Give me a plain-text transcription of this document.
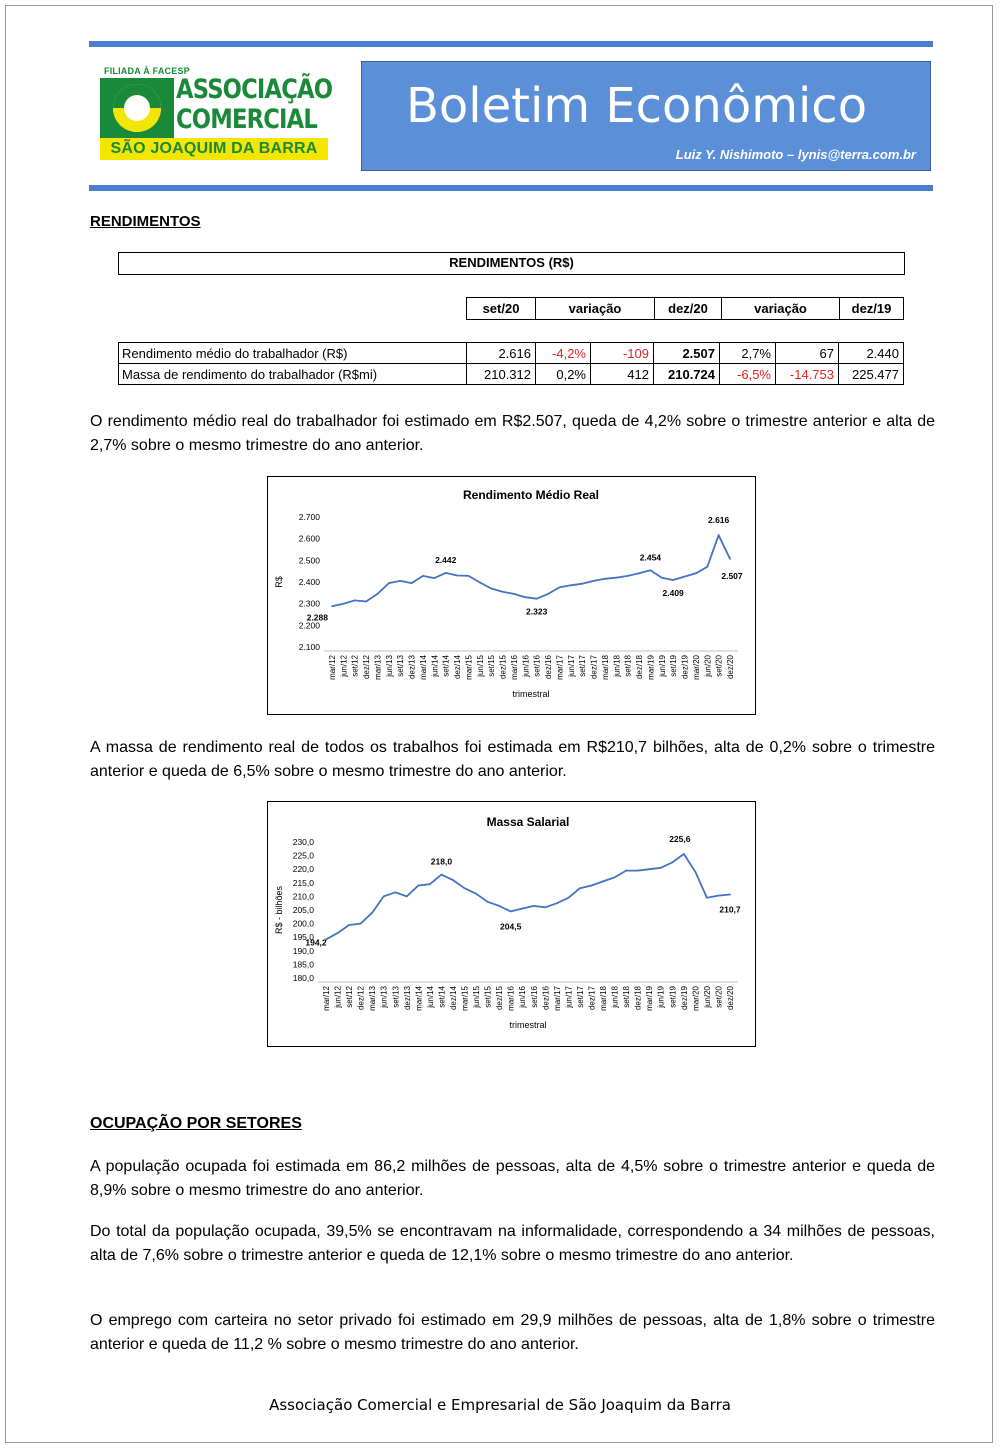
FILIADA À FACESP
ASSOCIAÇÃO
COMERCIAL
SÃO JOAQUIM DA BARRA
Boletim Econômico
Luiz Y. Nishimoto – lynis@terra.com.br
RENDIMENTOS
RENDIMENTOS (R$)
set/20	variação	dez/20	variação	dez/19
Rendimento médio do trabalhador (R$)	2.616	-4,2%	-109	2.507	2,7%	67	2.440
Massa de rendimento do trabalhador (R$mi)	210.312	0,2%	412	210.724	-6,5%	-14.753	225.477

O rendimento médio real do trabalhador foi estimado em R$2.507, queda de 4,2% sobre o trimestre anterior e alta de 2,7% sobre o mesmo trimestre do ano anterior.

Rendimento Médio Real
2.100
2.200
2.300
2.400
2.500
2.600
2.700
R$
mar/12 jun/12 set/12 dez/12 mar/13 jun/13 set/13 dez/13 mar/14 jun/14 set/14 dez/14 mar/15 jun/15 set/15 dez/15 mar/16 jun/16 set/16 dez/16 mar/17 jun/17 set/17 dez/17 mar/18 jun/18 set/18 dez/18 mar/19 jun/19 set/19 dez/19 mar/20 jun/20 set/20 dez/20
trimestral
2.288
2.442
2.323
2.454
2.409
2.616
2.507

A massa de rendimento real de todos os trabalhos foi estimada em R$210,7 bilhões, alta de 0,2% sobre o trimestre anterior e queda de 6,5% sobre o mesmo trimestre do ano anterior.

Massa Salarial
180,0
185,0
190,0
195,0
200,0
205,0
210,0
215,0
220,0
225,0
230,0
R$ - bilhões
mar/12 jun/12 set/12 dez/12 mar/13 jun/13 set/13 dez/13 mar/14 jun/14 set/14 dez/14 mar/15 jun/15 set/15 dez/15 mar/16 jun/16 set/16 dez/16 mar/17 jun/17 set/17 dez/17 mar/18 jun/18 set/18 dez/18 mar/19 jun/19 set/19 dez/19 mar/20 jun/20 set/20 dez/20
trimestral
194,2
218,0
204,5
225,6
210,7
OCUPAÇÃO POR SETORES

A população ocupada foi estimada em 86,2 milhões de pessoas, alta de 4,5% sobre o trimestre anterior e queda de 8,9% sobre o mesmo trimestre do ano anterior.

Do total da população ocupada, 39,5% se encontravam na informalidade, correspondendo a 34 milhões de pessoas, alta de 7,6% sobre o trimestre anterior e queda de 12,1% sobre o mesmo trimestre do ano anterior.

O emprego com carteira no setor privado foi estimado em 29,9 milhões de pessoas, alta de 1,8% sobre o trimestre anterior e queda de 11,2 % sobre o mesmo trimestre do ano anterior.

Associação Comercial e Empresarial de São Joaquim da Barra
